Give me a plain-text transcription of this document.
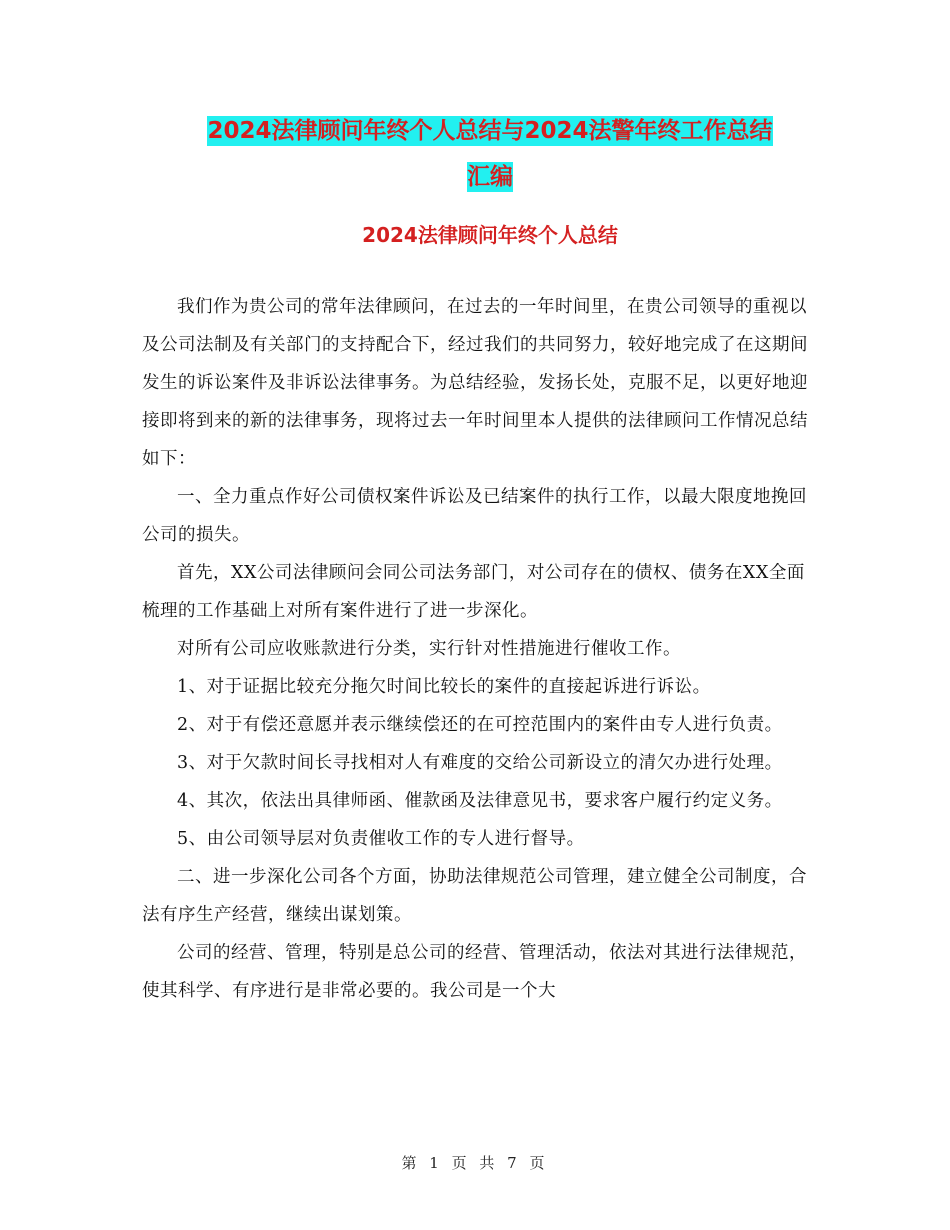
2024法律顾问年终个人总结与2024法警年终工作总结
汇编
2024法律顾问年终个人总结

我们作为贵公司的常年法律顾问，在过去的一年时间里，在贵公司领导的重视以及公司法制及有关部门的支持配合下，经过我们的共同努力，较好地完成了在这期间发生的诉讼案件及非诉讼法律事务。为总结经验，发扬长处，克服不足，以更好地迎接即将到来的新的法律事务，现将过去一年时间里本人提供的法律顾问工作情况总结如下：

一、全力重点作好公司债权案件诉讼及已结案件的执行工作，以最大限度地挽回公司的损失。

首先，XX公司法律顾问会同公司法务部门，对公司存在的债权、债务在XX全面梳理的工作基础上对所有案件进行了进一步深化。

对所有公司应收账款进行分类，实行针对性措施进行催收工作。

1、对于证据比较充分拖欠时间比较长的案件的直接起诉进行诉讼。

2、对于有偿还意愿并表示继续偿还的在可控范围内的案件由专人进行负责。

3、对于欠款时间长寻找相对人有难度的交给公司新设立的清欠办进行处理。

4、其次，依法出具律师函、催款函及法律意见书，要求客户履行约定义务。

5、由公司领导层对负责催收工作的专人进行督导。

二、进一步深化公司各个方面，协助法律规范公司管理，建立健全公司制度，合法有序生产经营，继续出谋划策。

公司的经营、管理，特别是总公司的经营、管理活动，依法对其进行法律规范，使其科学、有序进行是非常必要的。我公司是一个大

第 1 页 共 7 页
